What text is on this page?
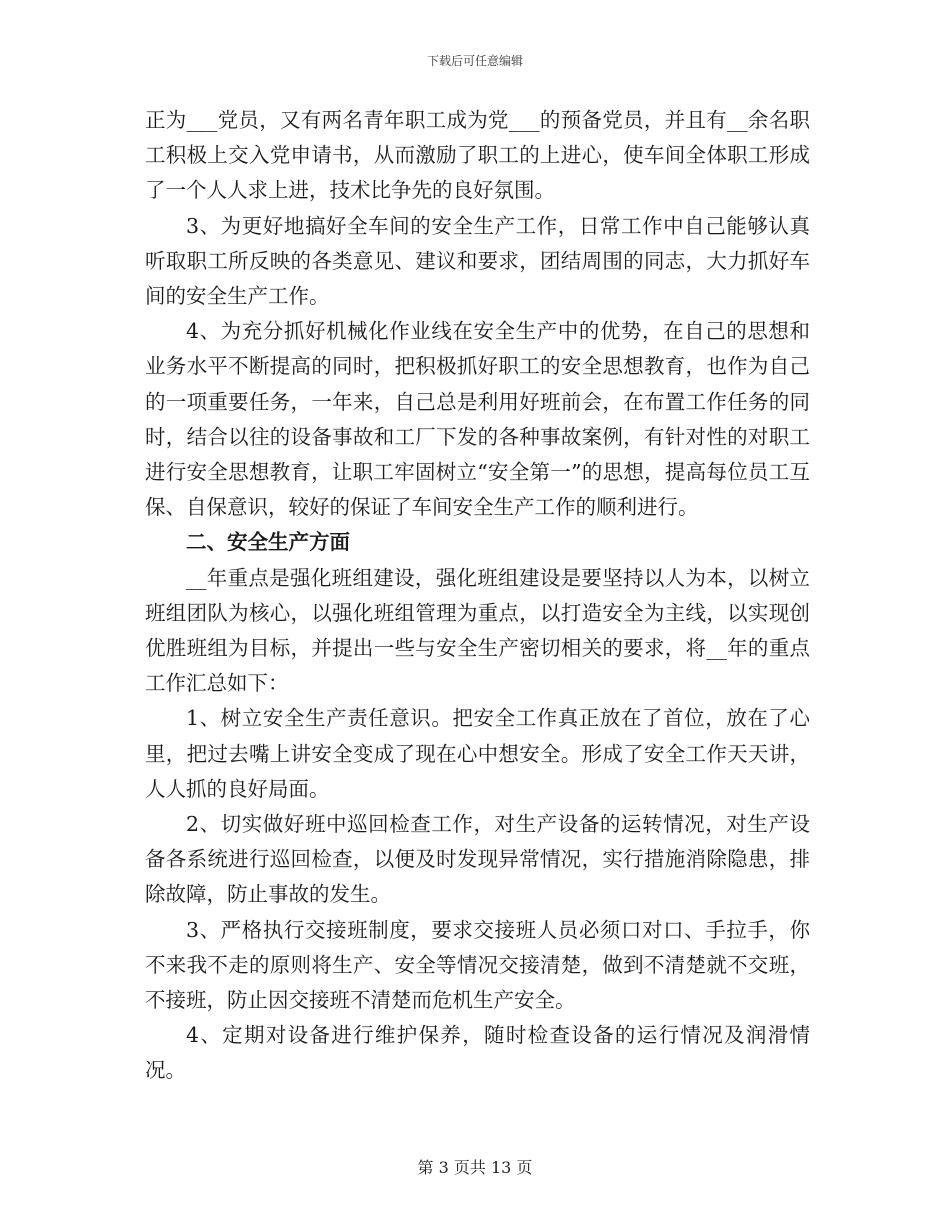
下载后可任意编辑

正为___党员，又有两名青年职工成为党___的预备党员，并且有__余名职工积极上交入党申请书，从而激励了职工的上进心，使车间全体职工形成了一个人人求上进，技术比争先的良好氛围。

3、为更好地搞好全车间的安全生产工作，日常工作中自己能够认真听取职工所反映的各类意见、建议和要求，团结周围的同志，大力抓好车间的安全生产工作。

4、为充分抓好机械化作业线在安全生产中的优势，在自己的思想和业务水平不断提高的同时，把积极抓好职工的安全思想教育，也作为自己的一项重要任务，一年来，自己总是利用好班前会，在布置工作任务的同时，结合以往的设备事故和工厂下发的各种事故案例，有针对性的对职工进行安全思想教育，让职工牢固树立“安全第一”的思想，提高每位员工互保、自保意识，较好的保证了车间安全生产工作的顺利进行。

二、安全生产方面

__年重点是强化班组建设，强化班组建设是要坚持以人为本，以树立班组团队为核心，以强化班组管理为重点，以打造安全为主线，以实现创优胜班组为目标，并提出一些与安全生产密切相关的要求，将__年的重点工作汇总如下：

1、树立安全生产责任意识。把安全工作真正放在了首位，放在了心里，把过去嘴上讲安全变成了现在心中想安全。形成了安全工作天天讲，人人抓的良好局面。

2、切实做好班中巡回检查工作，对生产设备的运转情况，对生产设备各系统进行巡回检查，以便及时发现异常情况，实行措施消除隐患，排除故障，防止事故的发生。

3、严格执行交接班制度，要求交接班人员必须口对口、手拉手，你不来我不走的原则将生产、安全等情况交接清楚，做到不清楚就不交班，不接班，防止因交接班不清楚而危机生产安全。

4、定期对设备进行维护保养，随时检查设备的运行情况及润滑情况。

第 3 页共 13 页
